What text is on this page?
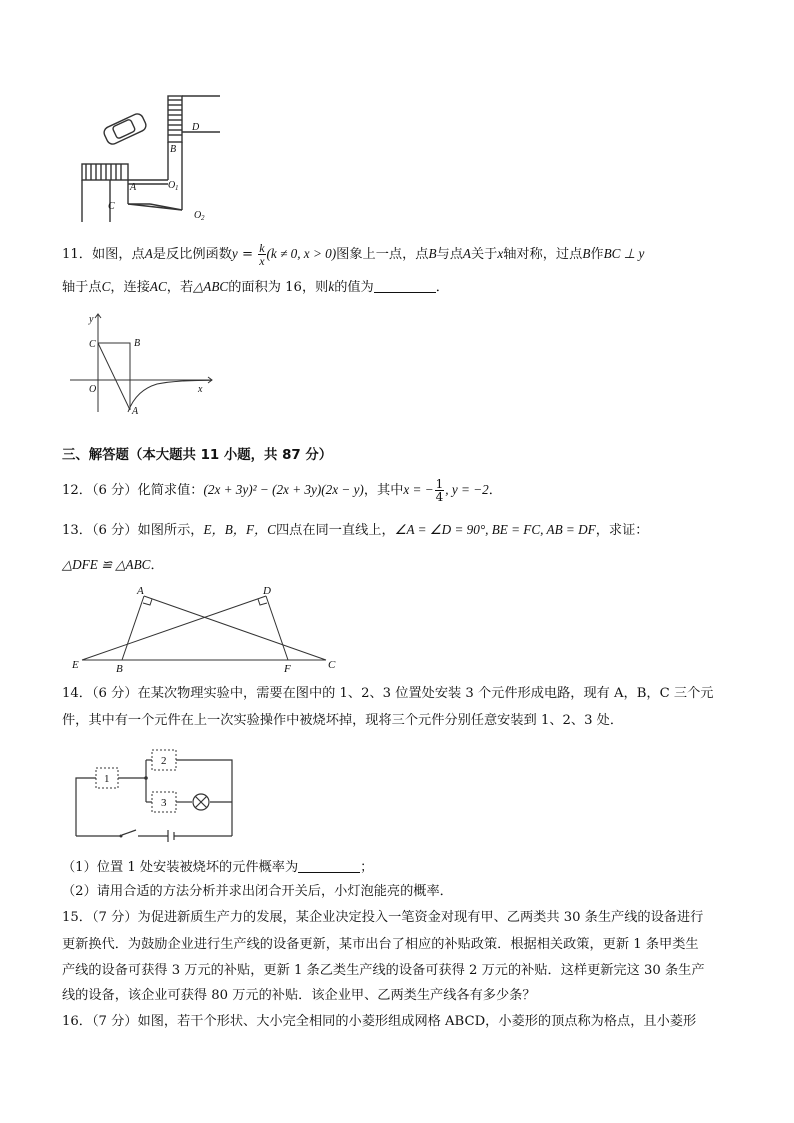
D
B
A	O 1
C
O 2
11．如图，点A是反比例函数$y = \frac{k}{x} (k \ne 0$, x > 0)图象上一点，点B与点A关于x轴对称，过点B作BC ⊥ y
轴于点C，连接AC，若△ABC的面积为 16，则k的值为	．
y
C	B
O	x
A
三、解答题（本大题共 11 小题，共 87 分）
12．（6 分）化简求值：(2x + 3y)² − (2x + 3y)(2x − y)，其中x = − $\frac{1}{4}$ , y = −2．
13．（6 分）如图所示，E，B，F，C四点在同一直线上，∠A = ∠D = 90°, BE = FC, AB = DF，求证：
△DFE ≌ △ABC．
A	D
E	B	F	C
14．（6 分）在某次物理实验中，需要在图中的 1、2、3 位置处安装 3 个元件形成电路，现有 A，B，C 三个元
件，其中有一个元件在上一次实验操作中被烧坏掉，现将三个元件分别任意安装到 1、2、3 处．
1
2
3
（1）位置 1 处安装被烧坏的元件概率为	；
（2）请用合适的方法分析并求出闭合开关后，小灯泡能亮的概率．
15．（7 分）为促进新质生产力的发展，某企业决定投入一笔资金对现有甲、乙两类共 30 条生产线的设备进行
更新换代．为鼓励企业进行生产线的设备更新，某市出台了相应的补贴政策．根据相关政策，更新 1 条甲类生
产线的设备可获得 3 万元的补贴，更新 1 条乙类生产线的设备可获得 2 万元的补贴．这样更新完这 30 条生产
线的设备，该企业可获得 80 万元的补贴．该企业甲、乙两类生产线各有多少条？
16．（7 分）如图，若干个形状、大小完全相同的小菱形组成网格 ABCD，小菱形的顶点称为格点，且小菱形
